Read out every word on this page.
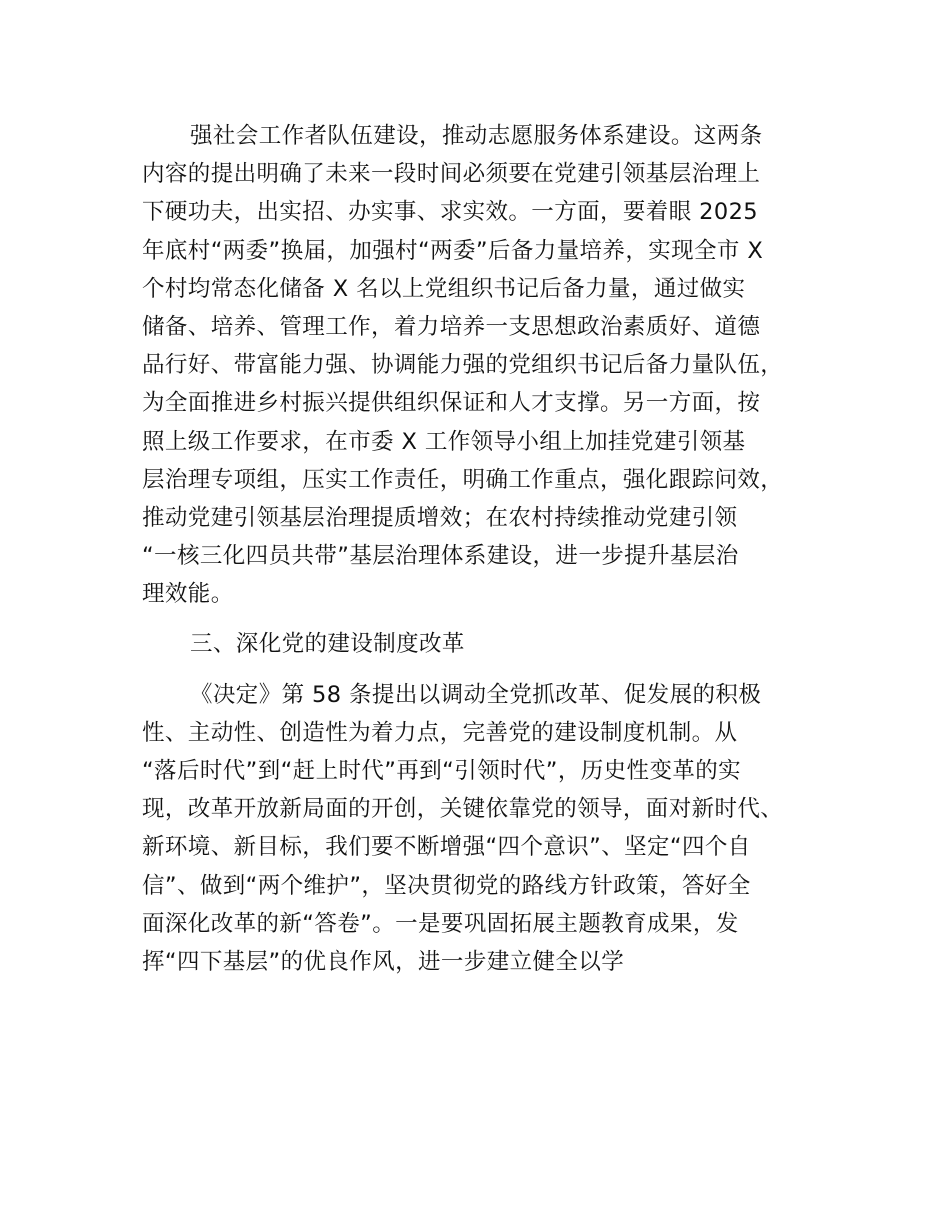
强社会工作者队伍建设，推动志愿服务体系建设。这两条
内容的提出明确了未来一段时间必须要在党建引领基层治理上
下硬功夫，出实招、办实事、求实效。一方面，要着眼 2025
年底村“两委”换届，加强村“两委”后备力量培养，实现全市 X
个村均常态化储备 X 名以上党组织书记后备力量，通过做实
储备、培养、管理工作，着力培养一支思想政治素质好、道德
品行好、带富能力强、协调能力强的党组织书记后备力量队伍，
为全面推进乡村振兴提供组织保证和人才支撑。另一方面，按
照上级工作要求，在市委 X 工作领导小组上加挂党建引领基
层治理专项组，压实工作责任，明确工作重点，强化跟踪问效，
推动党建引领基层治理提质增效；在农村持续推动党建引领
“一核三化四员共带”基层治理体系建设，进一步提升基层治
理效能。
三、深化党的建设制度改革
《决定》第 58 条提出以调动全党抓改革、促发展的积极
性、主动性、创造性为着力点，完善党的建设制度机制。从
“落后时代”到“赶上时代”再到“引领时代”，历史性变革的实
现，改革开放新局面的开创，关键依靠党的领导，面对新时代、
新环境、新目标，我们要不断增强“四个意识”、坚定“四个自
信”、做到“两个维护”，坚决贯彻党的路线方针政策，答好全
面深化改革的新“答卷”。一是要巩固拓展主题教育成果，发
挥“四下基层”的优良作风，进一步建立健全以学
